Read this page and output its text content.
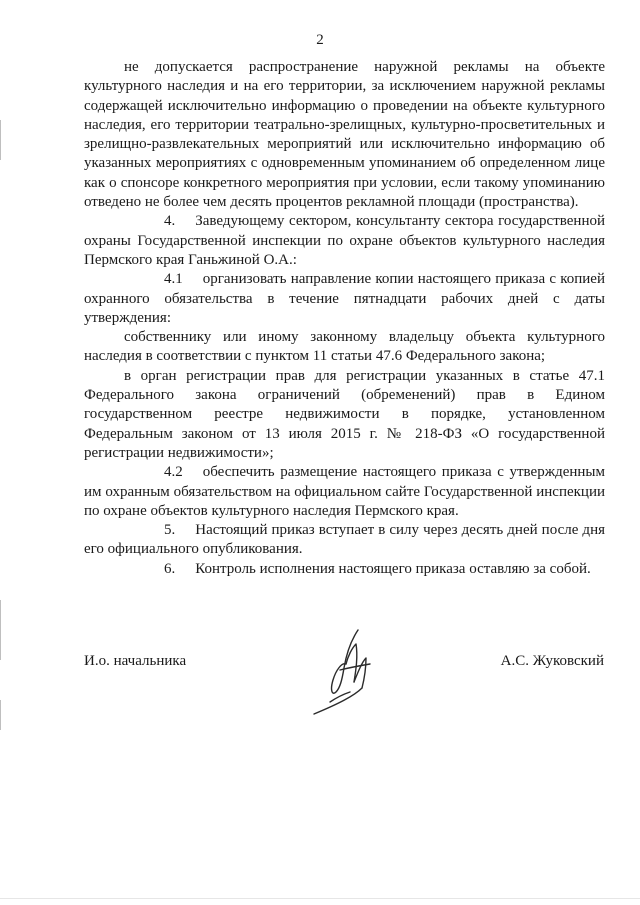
2

не допускается распространение наружной рекламы на объекте культурного наследия и на его территории, за исключением наружной рекламы содержащей исключительно информацию о проведении на объекте культурного наследия, его территории театрально-зрелищных, культурно-просветительных и зрелищно-развлекательных мероприятий или исключительно информацию об указанных мероприятиях с одновременным упоминанием об определенном лице как о спонсоре конкретного мероприятия при условии, если такому упоминанию отведено не более чем десять процентов рекламной площади (пространства).

4. Заведующему сектором, консультанту сектора государственной охраны Государственной инспекции по охране объектов культурного наследия Пермского края Ганьжиной О.А.:

4.1 организовать направление копии настоящего приказа с копией охранного обязательства в течение пятнадцати рабочих дней с даты утверждения:

собственнику или иному законному владельцу объекта культурного наследия в соответствии с пунктом 11 статьи 47.6 Федерального закона;

в орган регистрации прав для регистрации указанных в статье 47.1 Федерального закона ограничений (обременений) прав в Едином государственном реестре недвижимости в порядке, установленном Федеральным законом от 13 июля 2015 г. № 218-ФЗ «О государственной регистрации недвижимости»;

4.2 обеспечить размещение настоящего приказа с утвержденным им охранным обязательством на официальном сайте Государственной инспекции по охране объектов культурного наследия Пермского края.

5. Настоящий приказ вступает в силу через десять дней после дня его официального опубликования.

6. Контроль исполнения настоящего приказа оставляю за собой.

И.о. начальника	А.С. Жуковский
